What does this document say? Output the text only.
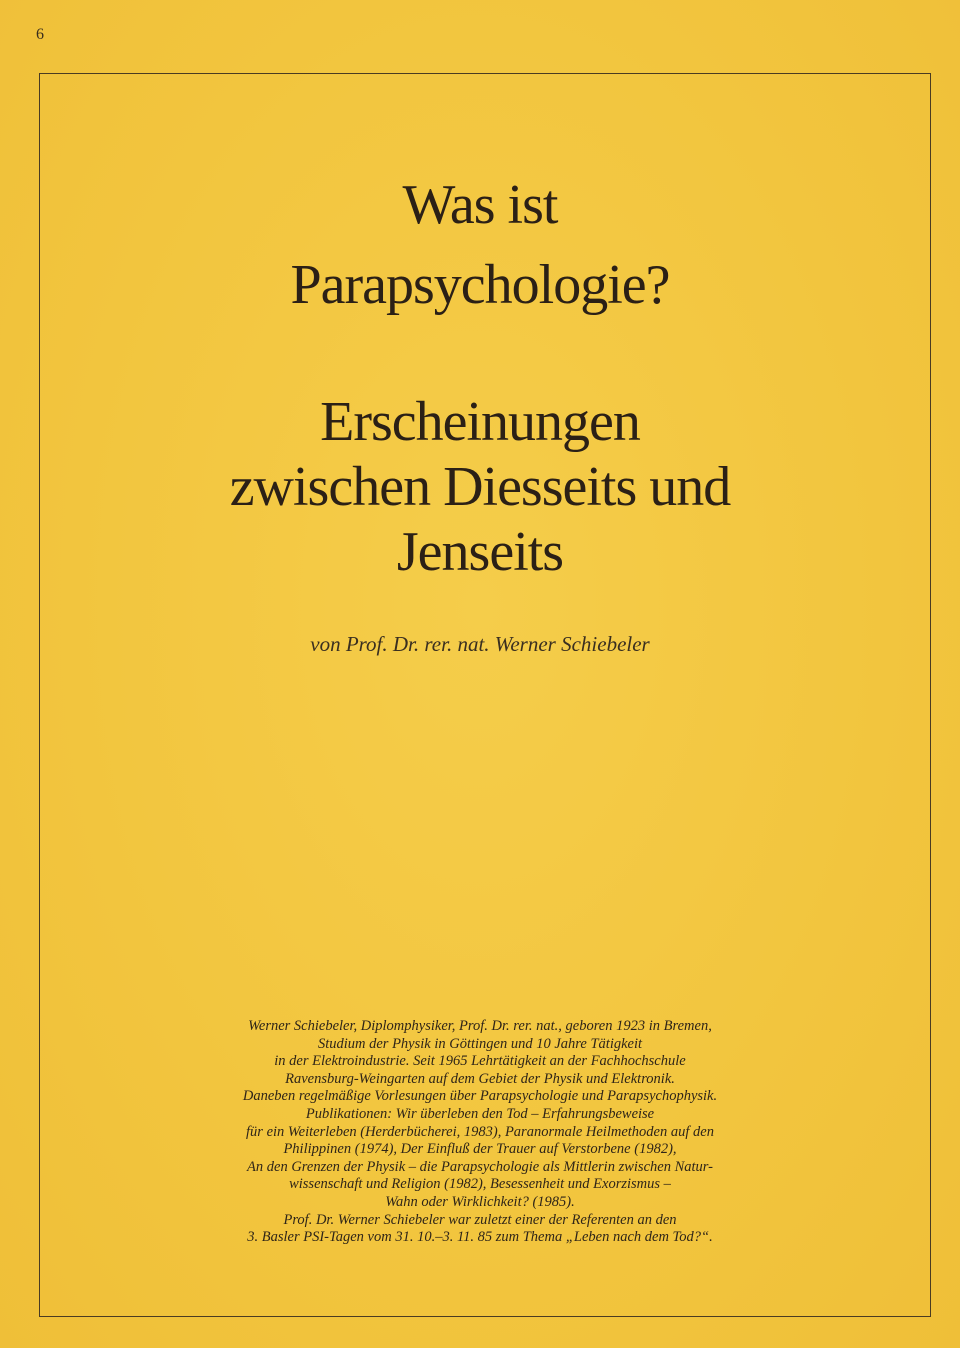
6
Was ist
Parapsychologie?
Erscheinungen
zwischen Diesseits und
Jenseits
von Prof. Dr. rer. nat. Werner Schiebeler
Werner Schiebeler, Diplomphysiker, Prof. Dr. rer. nat., geboren 1923 in Bremen,
Studium der Physik in Göttingen und 10 Jahre Tätigkeit
in der Elektroindustrie. Seit 1965 Lehrtätigkeit an der Fachhochschule
Ravensburg-Weingarten auf dem Gebiet der Physik und Elektronik.
Daneben regelmäßige Vorlesungen über Parapsychologie und Parapsychophysik.
Publikationen: Wir überleben den Tod – Erfahrungsbeweise
für ein Weiterleben (Herderbücherei, 1983), Paranormale Heilmethoden auf den
Philippinen (1974), Der Einfluß der Trauer auf Verstorbene (1982),
An den Grenzen der Physik – die Parapsychologie als Mittlerin zwischen Natur-
wissenschaft und Religion (1982), Besessenheit und Exorzismus –
Wahn oder Wirklichkeit? (1985).
Prof. Dr. Werner Schiebeler war zuletzt einer der Referenten an den
3. Basler PSI-Tagen vom 31. 10.–3. 11. 85 zum Thema „Leben nach dem Tod?“.
